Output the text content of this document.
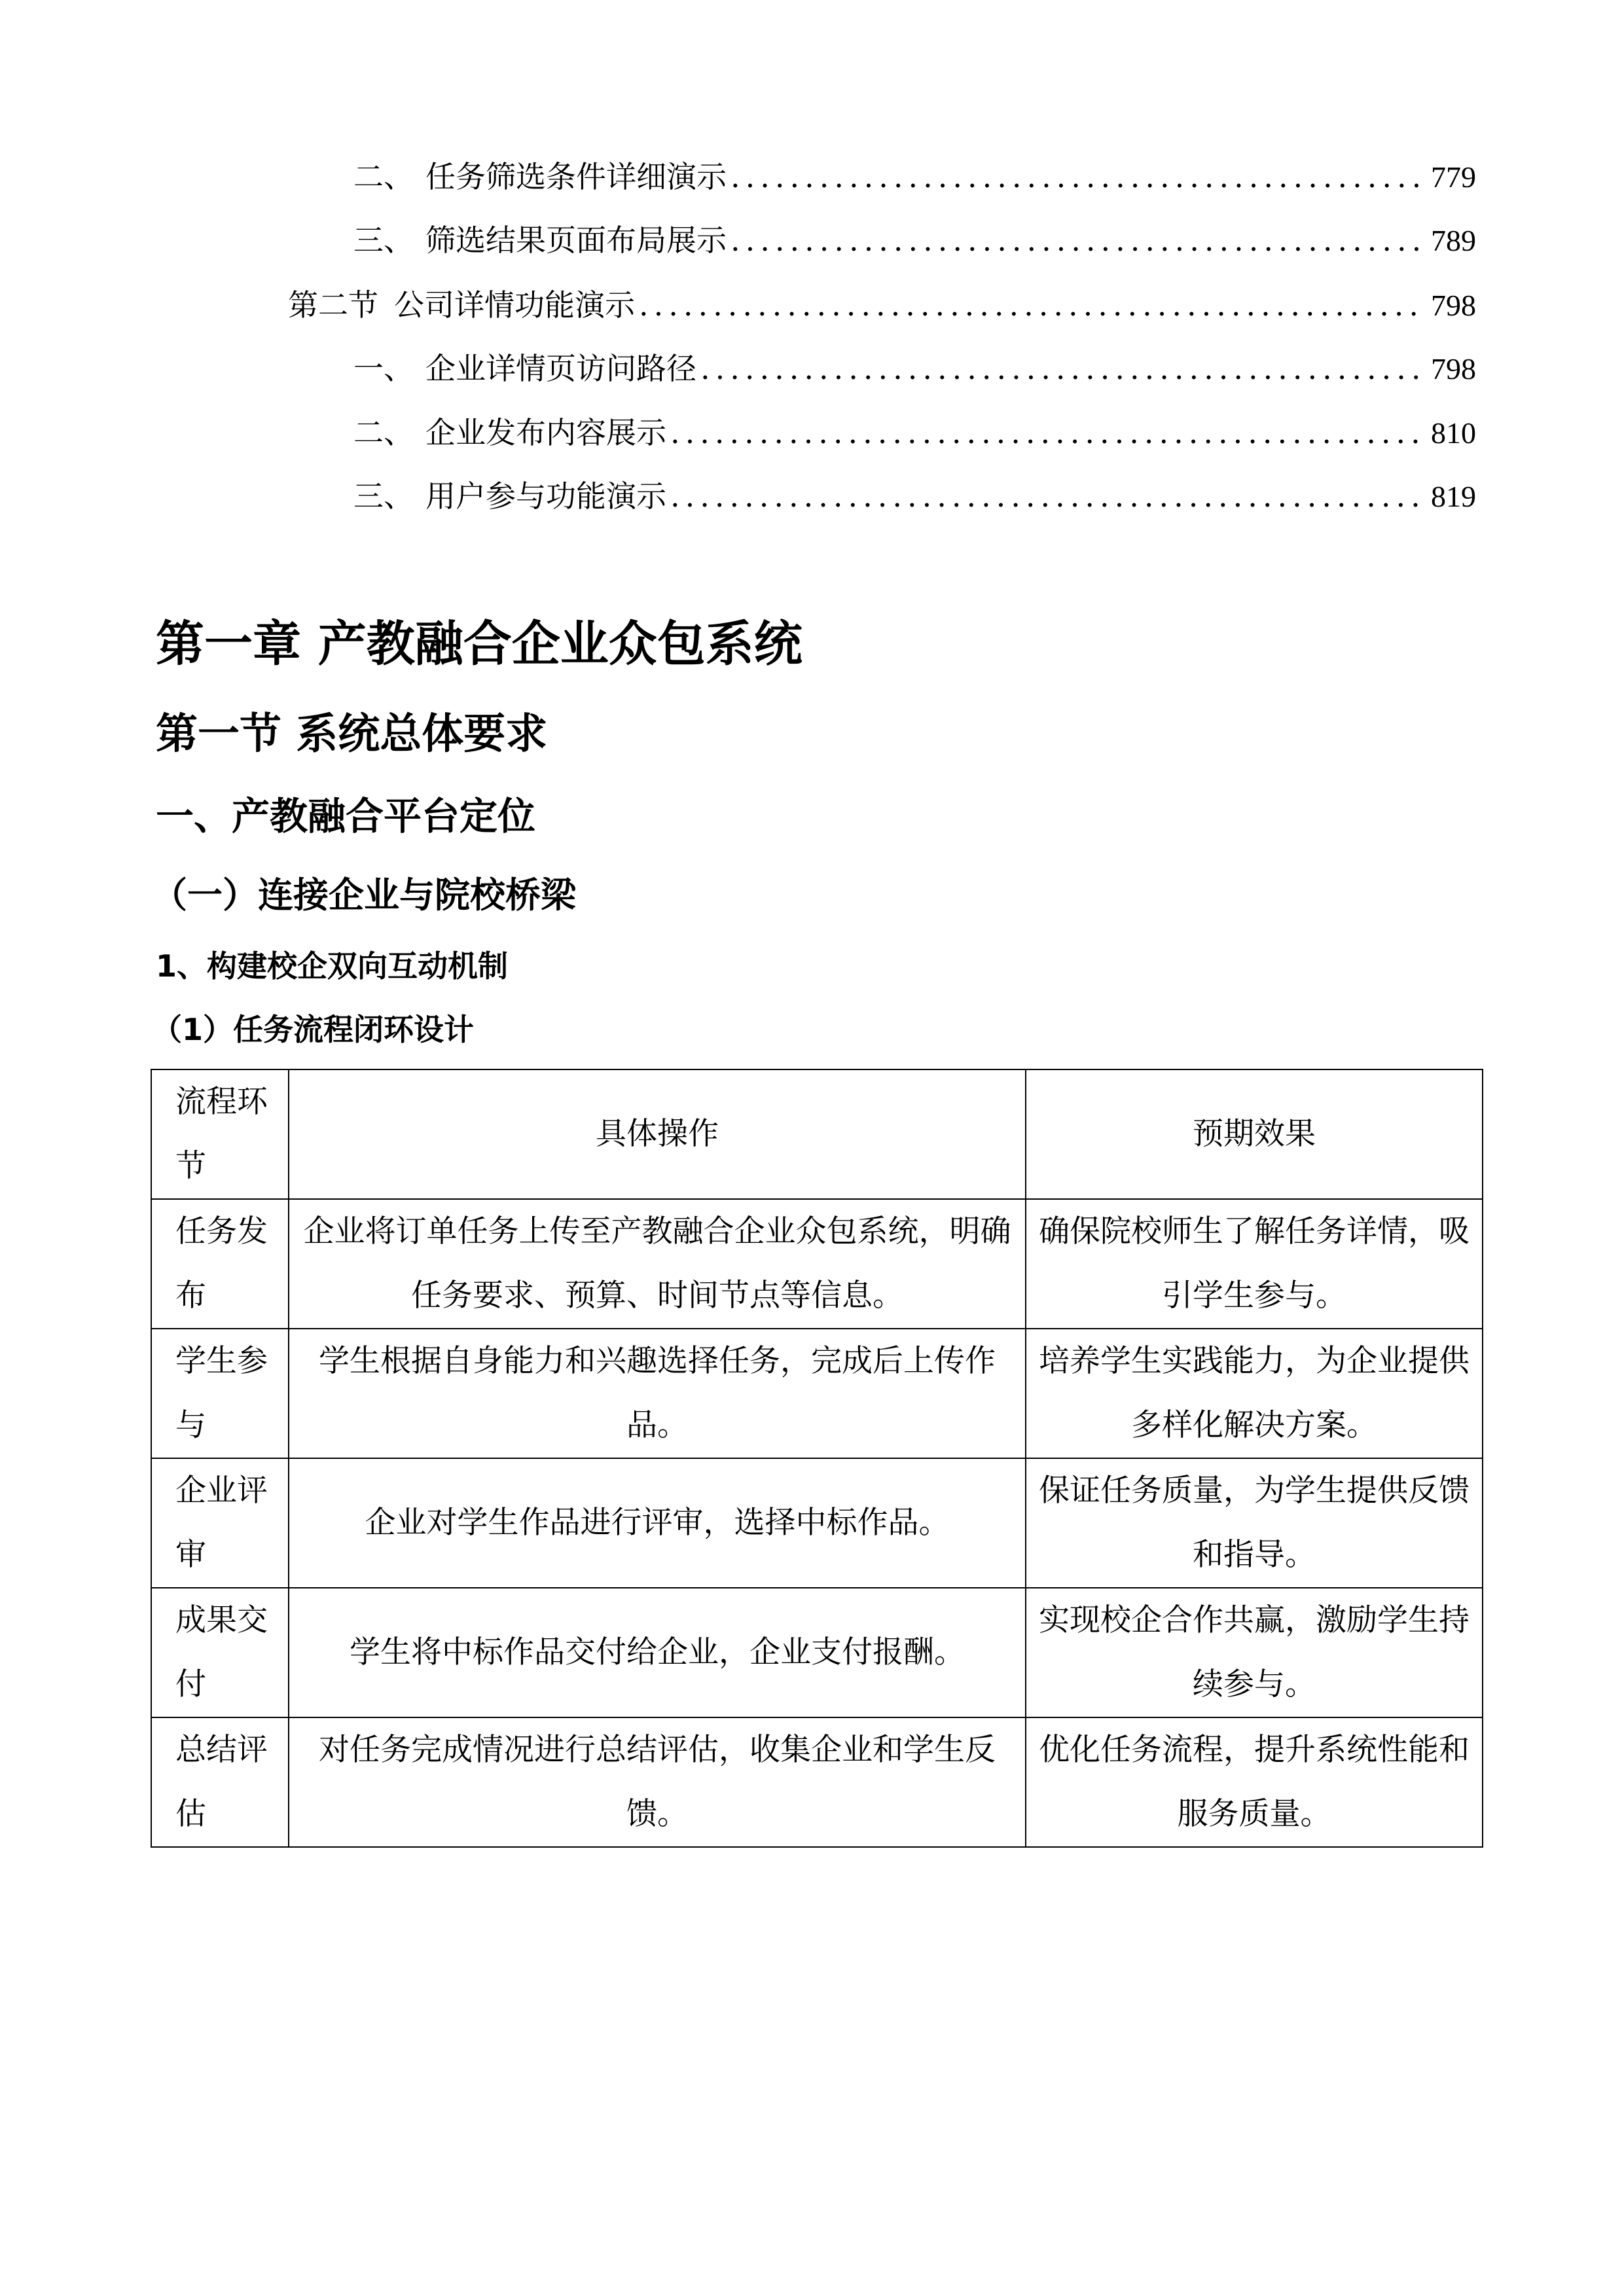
二、 任务筛选条件详细演示 .....	779
三、 筛选结果页面布局展示 .....	789
第二节 公司详情功能演示 .....	798
一、 企业详情页访问路径 .....	798
二、 企业发布内容展示 .....	810
三、 用户参与功能演示 .....	819
第一章 产教融合企业众包系统
第一节 系统总体要求
一、产教融合平台定位
（一）连接企业与院校桥梁
1、构建校企双向互动机制
（1）任务流程闭环设计
流程环节	具体操作	预期效果
任务发布	企业将订单任务上传至产教融合企业众包系统，明确任务要求、预算、时间节点等信息。	确保院校师生了解任务详情，吸引学生参与。
学生参与	学生根据自身能力和兴趣选择任务，完成后上传作品。	培养学生实践能力，为企业提供多样化解决方案。
企业评审	企业对学生作品进行评审，选择中标作品。	保证任务质量，为学生提供反馈和指导。
成果交付	学生将中标作品交付给企业，企业支付报酬。	实现校企合作共赢，激励学生持续参与。
总结评估	对任务完成情况进行总结评估，收集企业和学生反馈。	优化任务流程，提升系统性能和服务质量。
